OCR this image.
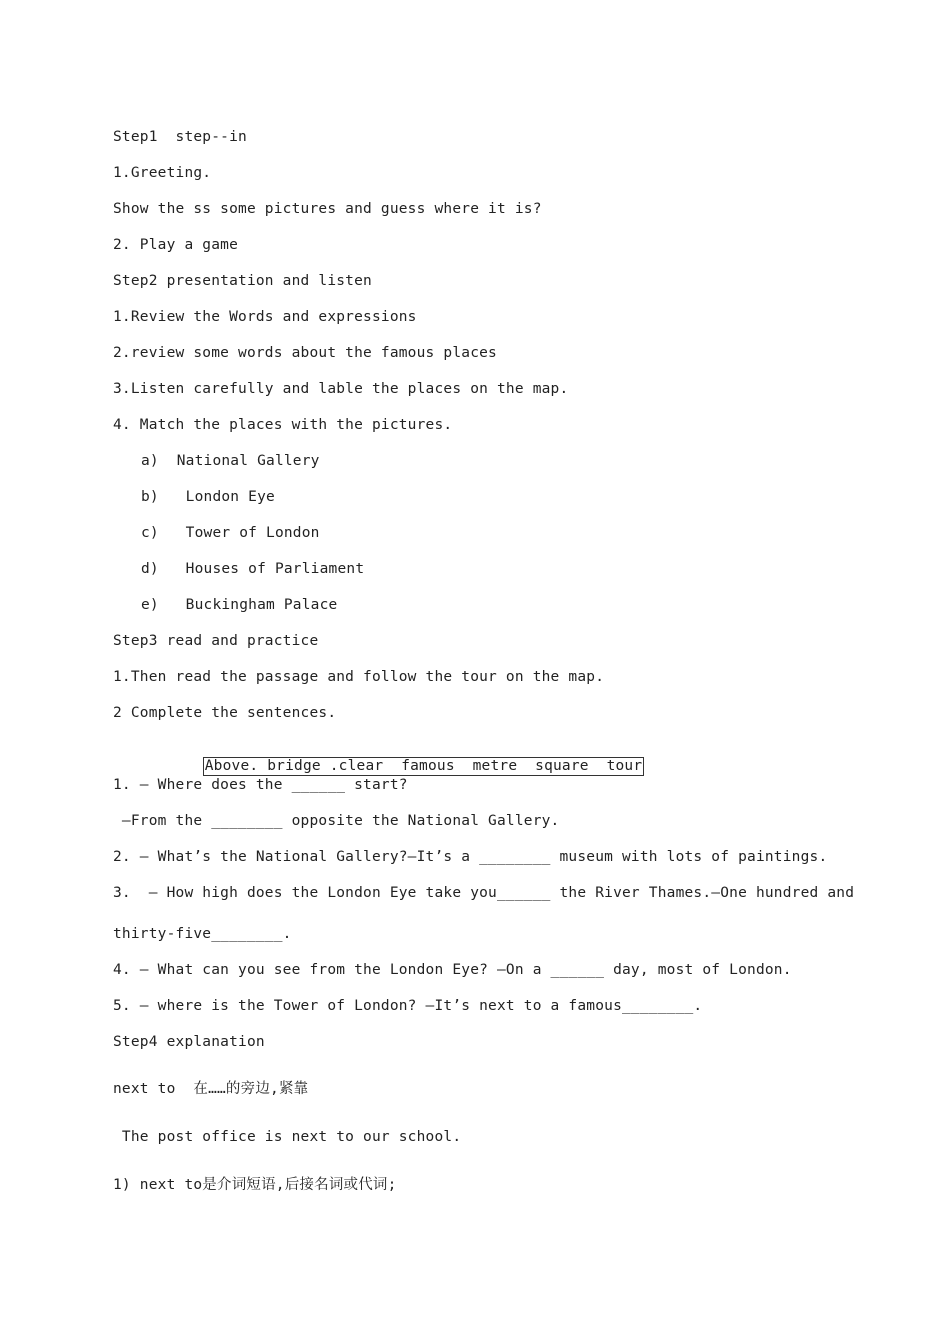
Step1  step--in
1.Greeting.
Show the ss some pictures and guess where it is?
2. Play a game
Step2 presentation and listen
1.Review the Words and expressions
2.review some words about the famous places
3.Listen carefully and lable the places on the map.
4. Match the places with the pictures.
a)  National Gallery
b)   London Eye
c)   Tower of London
d)   Houses of Parliament
e)   Buckingham Palace
Step3 read and practice
1.Then read the passage and follow the tour on the map.
2 Complete the sentences.

Above. bridge .clear  famous  metre  square  tour

1. — Where does the ______ start?
—From the ________ opposite the National Gallery.
2. — What’s the National Gallery?—It’s a ________ museum with lots of paintings.
3.  — How high does the London Eye take you______ the River Thames.—One hundred and
thirty-five________.
4. — What can you see from the London Eye? —On a ______ day, most of London.
5. — where is the Tower of London? —It’s next to a famous________.
Step4 explanation
next to  在……的旁边,紧靠
The post office is next to our school.
1) next to是介词短语,后接名词或代词;
